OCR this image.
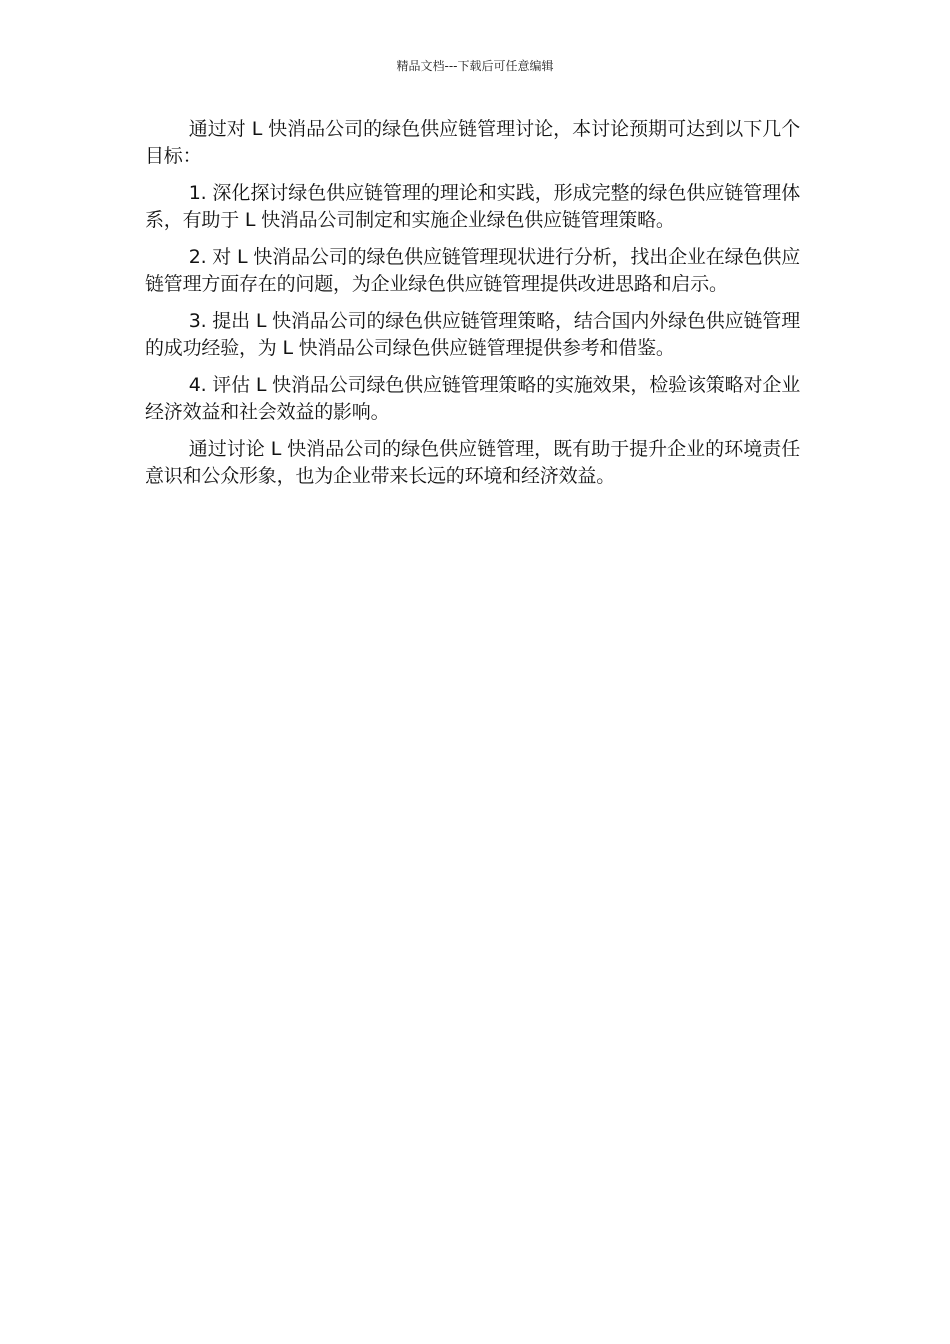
精品文档---下载后可任意编辑

通过对 L 快消品公司的绿色供应链管理讨论，本讨论预期可达到以下几个目标：

1. 深化探讨绿色供应链管理的理论和实践，形成完整的绿色供应链管理体系，有助于 L 快消品公司制定和实施企业绿色供应链管理策略。

2. 对 L 快消品公司的绿色供应链管理现状进行分析，找出企业在绿色供应链管理方面存在的问题，为企业绿色供应链管理提供改进思路和启示。

3. 提出 L 快消品公司的绿色供应链管理策略，结合国内外绿色供应链管理的成功经验，为 L 快消品公司绿色供应链管理提供参考和借鉴。

4. 评估 L 快消品公司绿色供应链管理策略的实施效果，检验该策略对企业经济效益和社会效益的影响。

通过讨论 L 快消品公司的绿色供应链管理，既有助于提升企业的环境责任意识和公众形象，也为企业带来长远的环境和经济效益。
